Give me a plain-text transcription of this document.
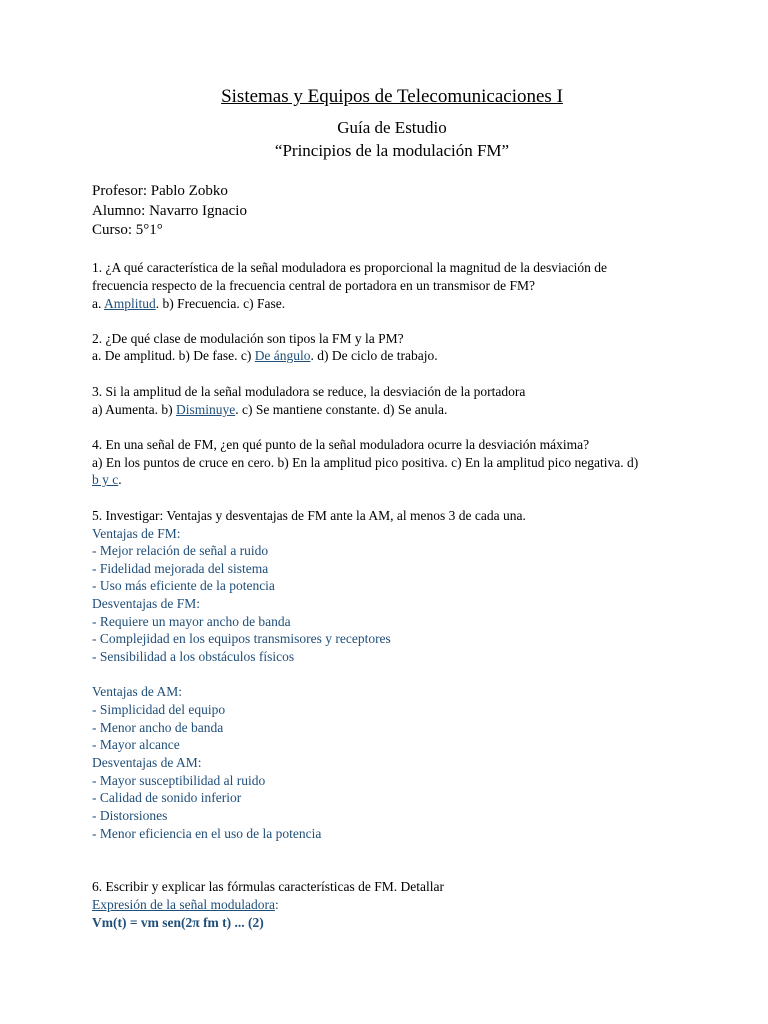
Sistemas y Equipos de Telecomunicaciones I
Guía de Estudio
“Principios de la modulación FM”
Profesor: Pablo Zobko
Alumno: Navarro Ignacio
Curso: 5°1°
1. ¿A qué característica de la señal moduladora es proporcional la magnitud de la desviación de
frecuencia respecto de la frecuencia central de portadora en un transmisor de FM?
a. Amplitud. b) Frecuencia. c) Fase.
2. ¿De qué clase de modulación son tipos la FM y la PM?
a. De amplitud. b) De fase. c) De ángulo. d) De ciclo de trabajo.
3. Si la amplitud de la señal moduladora se reduce, la desviación de la portadora
a) Aumenta. b) Disminuye. c) Se mantiene constante. d) Se anula.
4. En una señal de FM, ¿en qué punto de la señal moduladora ocurre la desviación máxima?
a) En los puntos de cruce en cero. b) En la amplitud pico positiva. c) En la amplitud pico negativa. d)
b y c.
5. Investigar: Ventajas y desventajas de FM ante la AM, al menos 3 de cada una.
Ventajas de FM:
- Mejor relación de señal a ruido
- Fidelidad mejorada del sistema
- Uso más eficiente de la potencia
Desventajas de FM:
- Requiere un mayor ancho de banda
- Complejidad en los equipos transmisores y receptores
- Sensibilidad a los obstáculos físicos
Ventajas de AM:
- Simplicidad del equipo
- Menor ancho de banda
- Mayor alcance
Desventajas de AM:
- Mayor susceptibilidad al ruido
- Calidad de sonido inferior
- Distorsiones
- Menor eficiencia en el uso de la potencia
6. Escribir y explicar las fórmulas características de FM. Detallar
Expresión de la señal moduladora:
Vm(t) = vm sen(2π fm t) ... (2)
